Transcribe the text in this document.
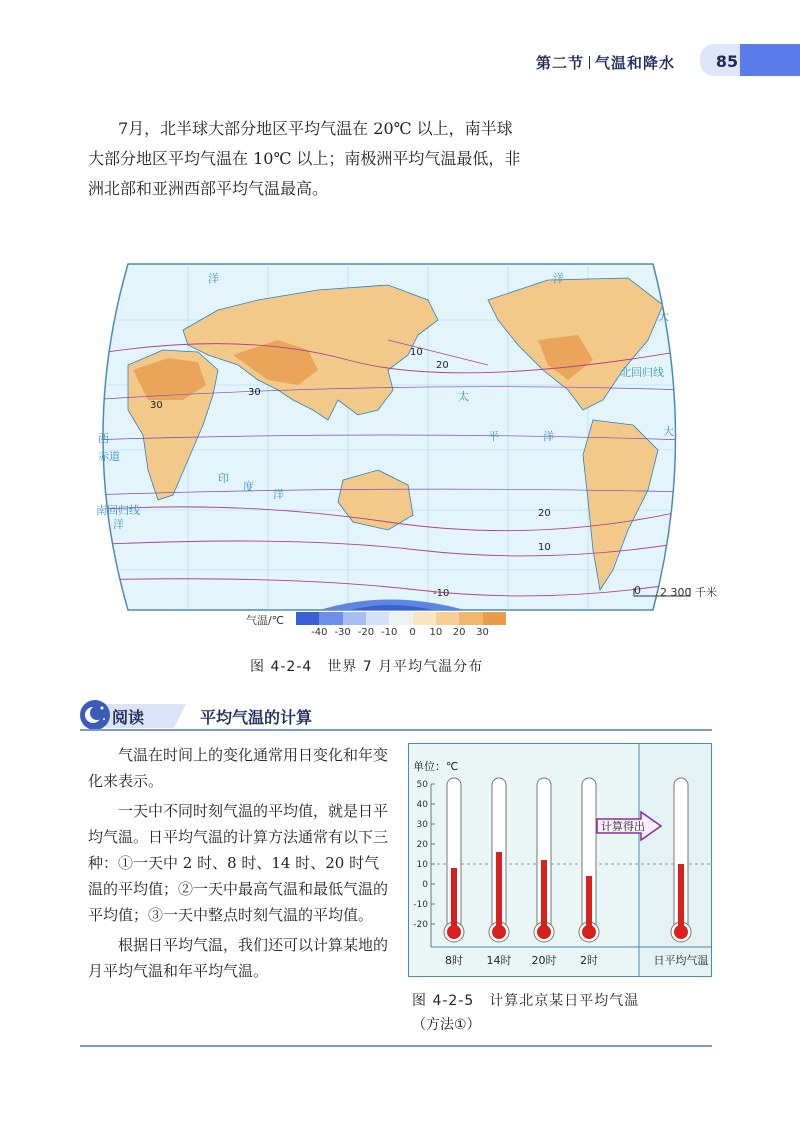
第二节 气温和降水	85

7月，北半球大部分地区平均气温在 20℃ 以上，南半球大部分地区平均气温在 10℃ 以上；南极洲平均气温最低，非洲北部和亚洲西部平均气温最高。

洋	洋
太
平	洋
印
度
洋
西
洋
大
大
北回归线
赤道
南回归线
30
30
10
20
20
10
-10	0 2 300 千米
气温/℃
-40 -30 -20 -10 0 10 20 30
图 4-2-4　世界 7 月平均气温分布
阅读	平均气温的计算

气温在时间上的变化通常用日变化和年变化来表示。

一天中不同时刻气温的平均值，就是日平均气温。日平均气温的计算方法通常有以下三种：①一天中 2 时、8 时、14 时、20 时气温的平均值；②一天中最高气温和最低气温的平均值；③一天中整点时刻气温的平均值。

根据日平均气温，我们还可以计算某地的月平均气温和年平均气温。

单位：℃
50
40
30
20
10
0
-10
-20
8时 14时 20时 2时	日平均气温
计算得出
图 4-2-5　计算北京某日平均气温
（方法①）
